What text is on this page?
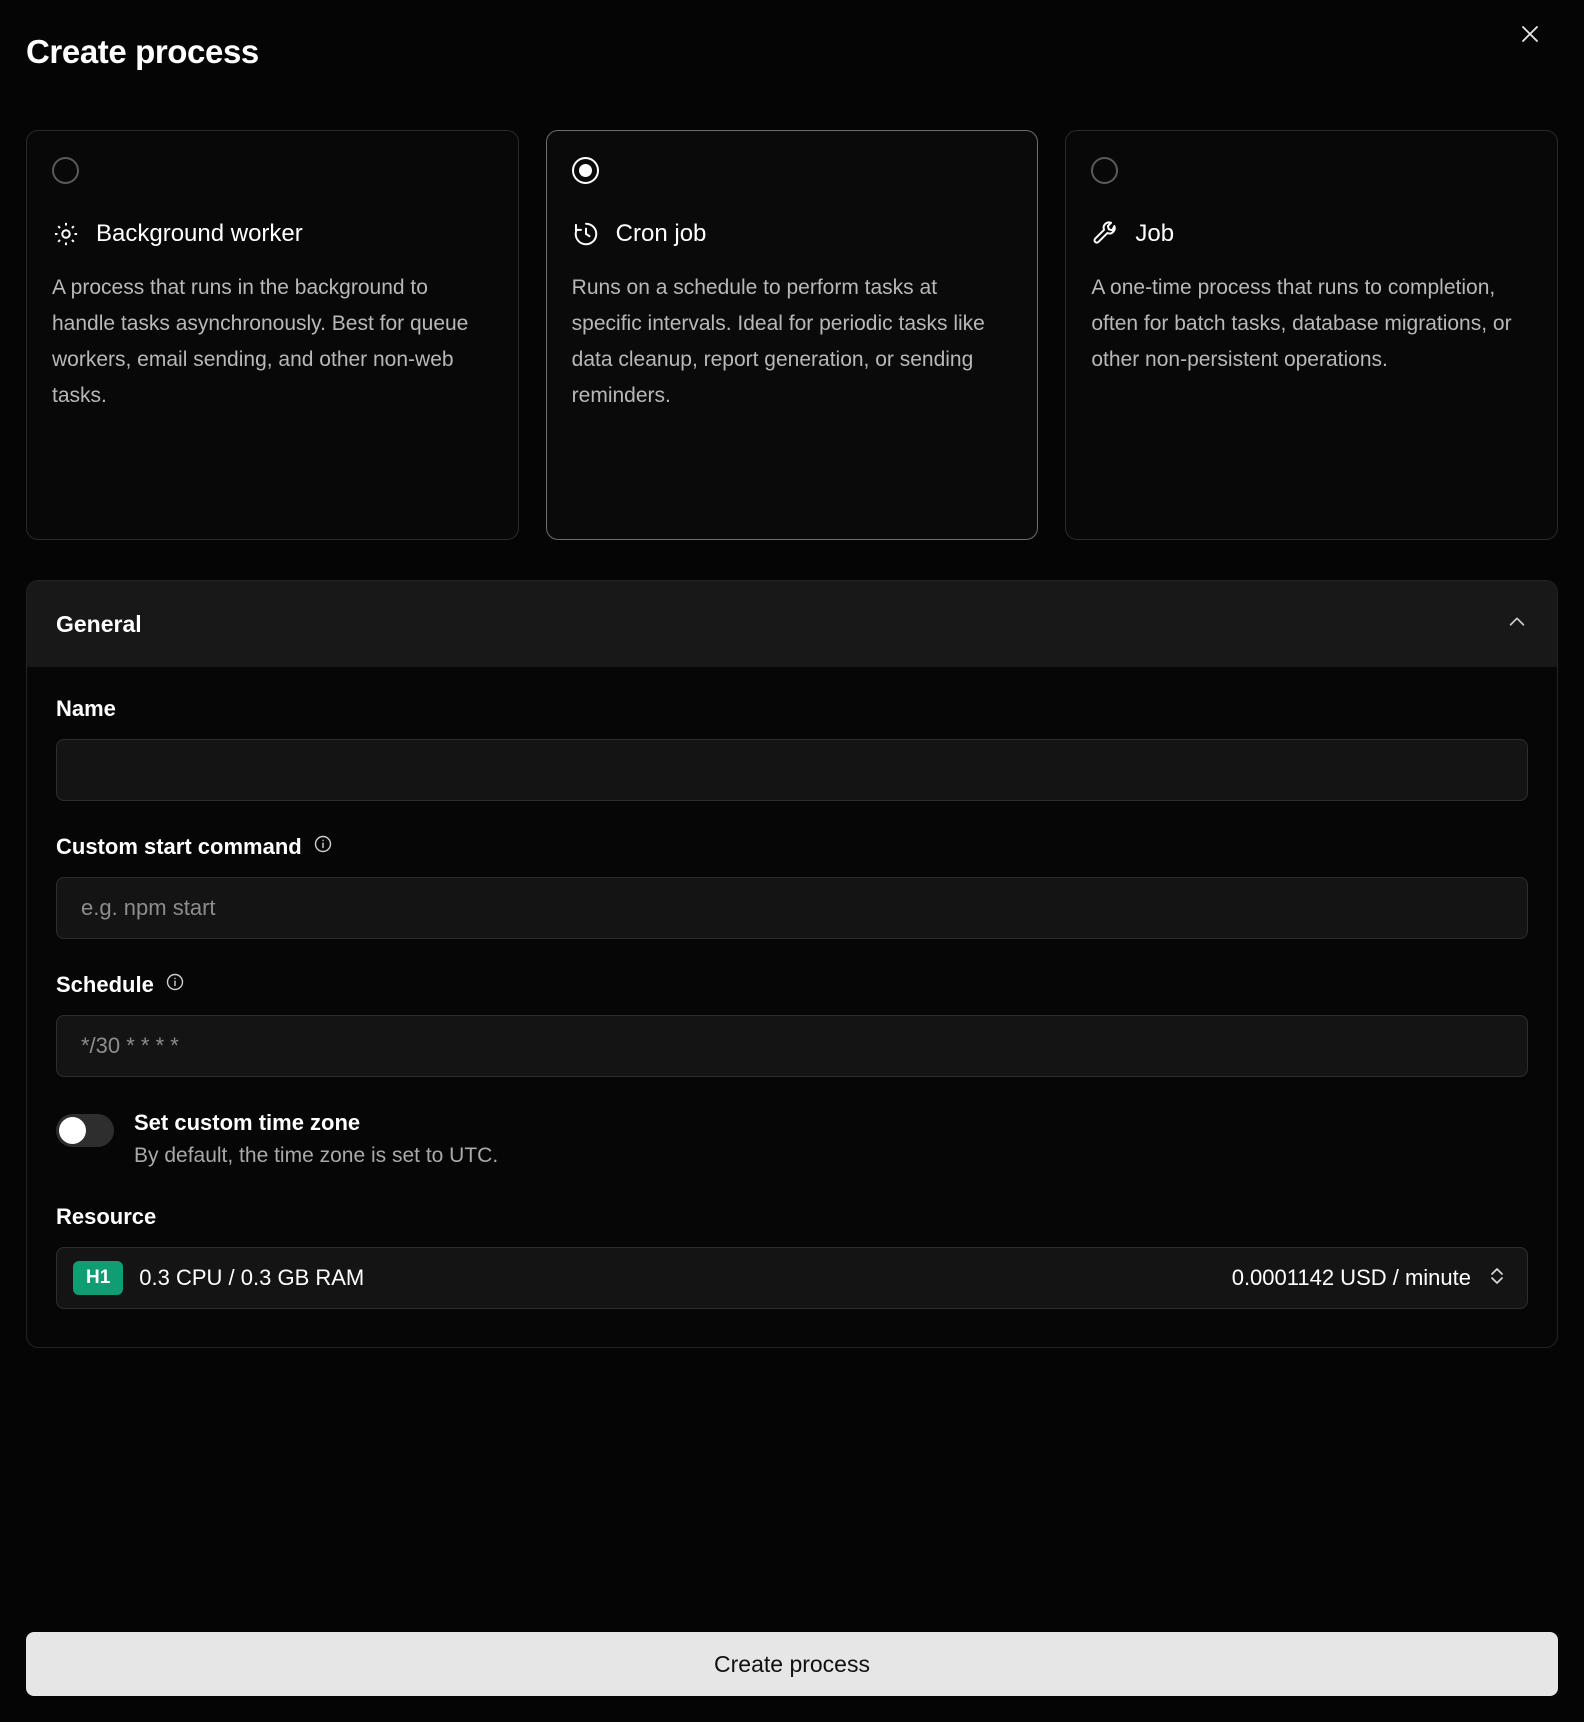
Create process
Background worker
A process that runs in the background to handle tasks asynchronously. Best for queue workers, email sending, and other non-web tasks.
Cron job
Runs on a schedule to perform tasks at specific intervals. Ideal for periodic tasks like data cleanup, report generation, or sending reminders.
Job
A one-time process that runs to completion, often for batch tasks, database migrations, or other non-persistent operations.
General
Name
Custom start command
e.g. npm start
Schedule
*/30 * * * *
Set custom time zone
By default, the time zone is set to UTC.
Resource
H1	0.3 CPU / 0.3 GB RAM	0.0001142 USD / minute
Create process
